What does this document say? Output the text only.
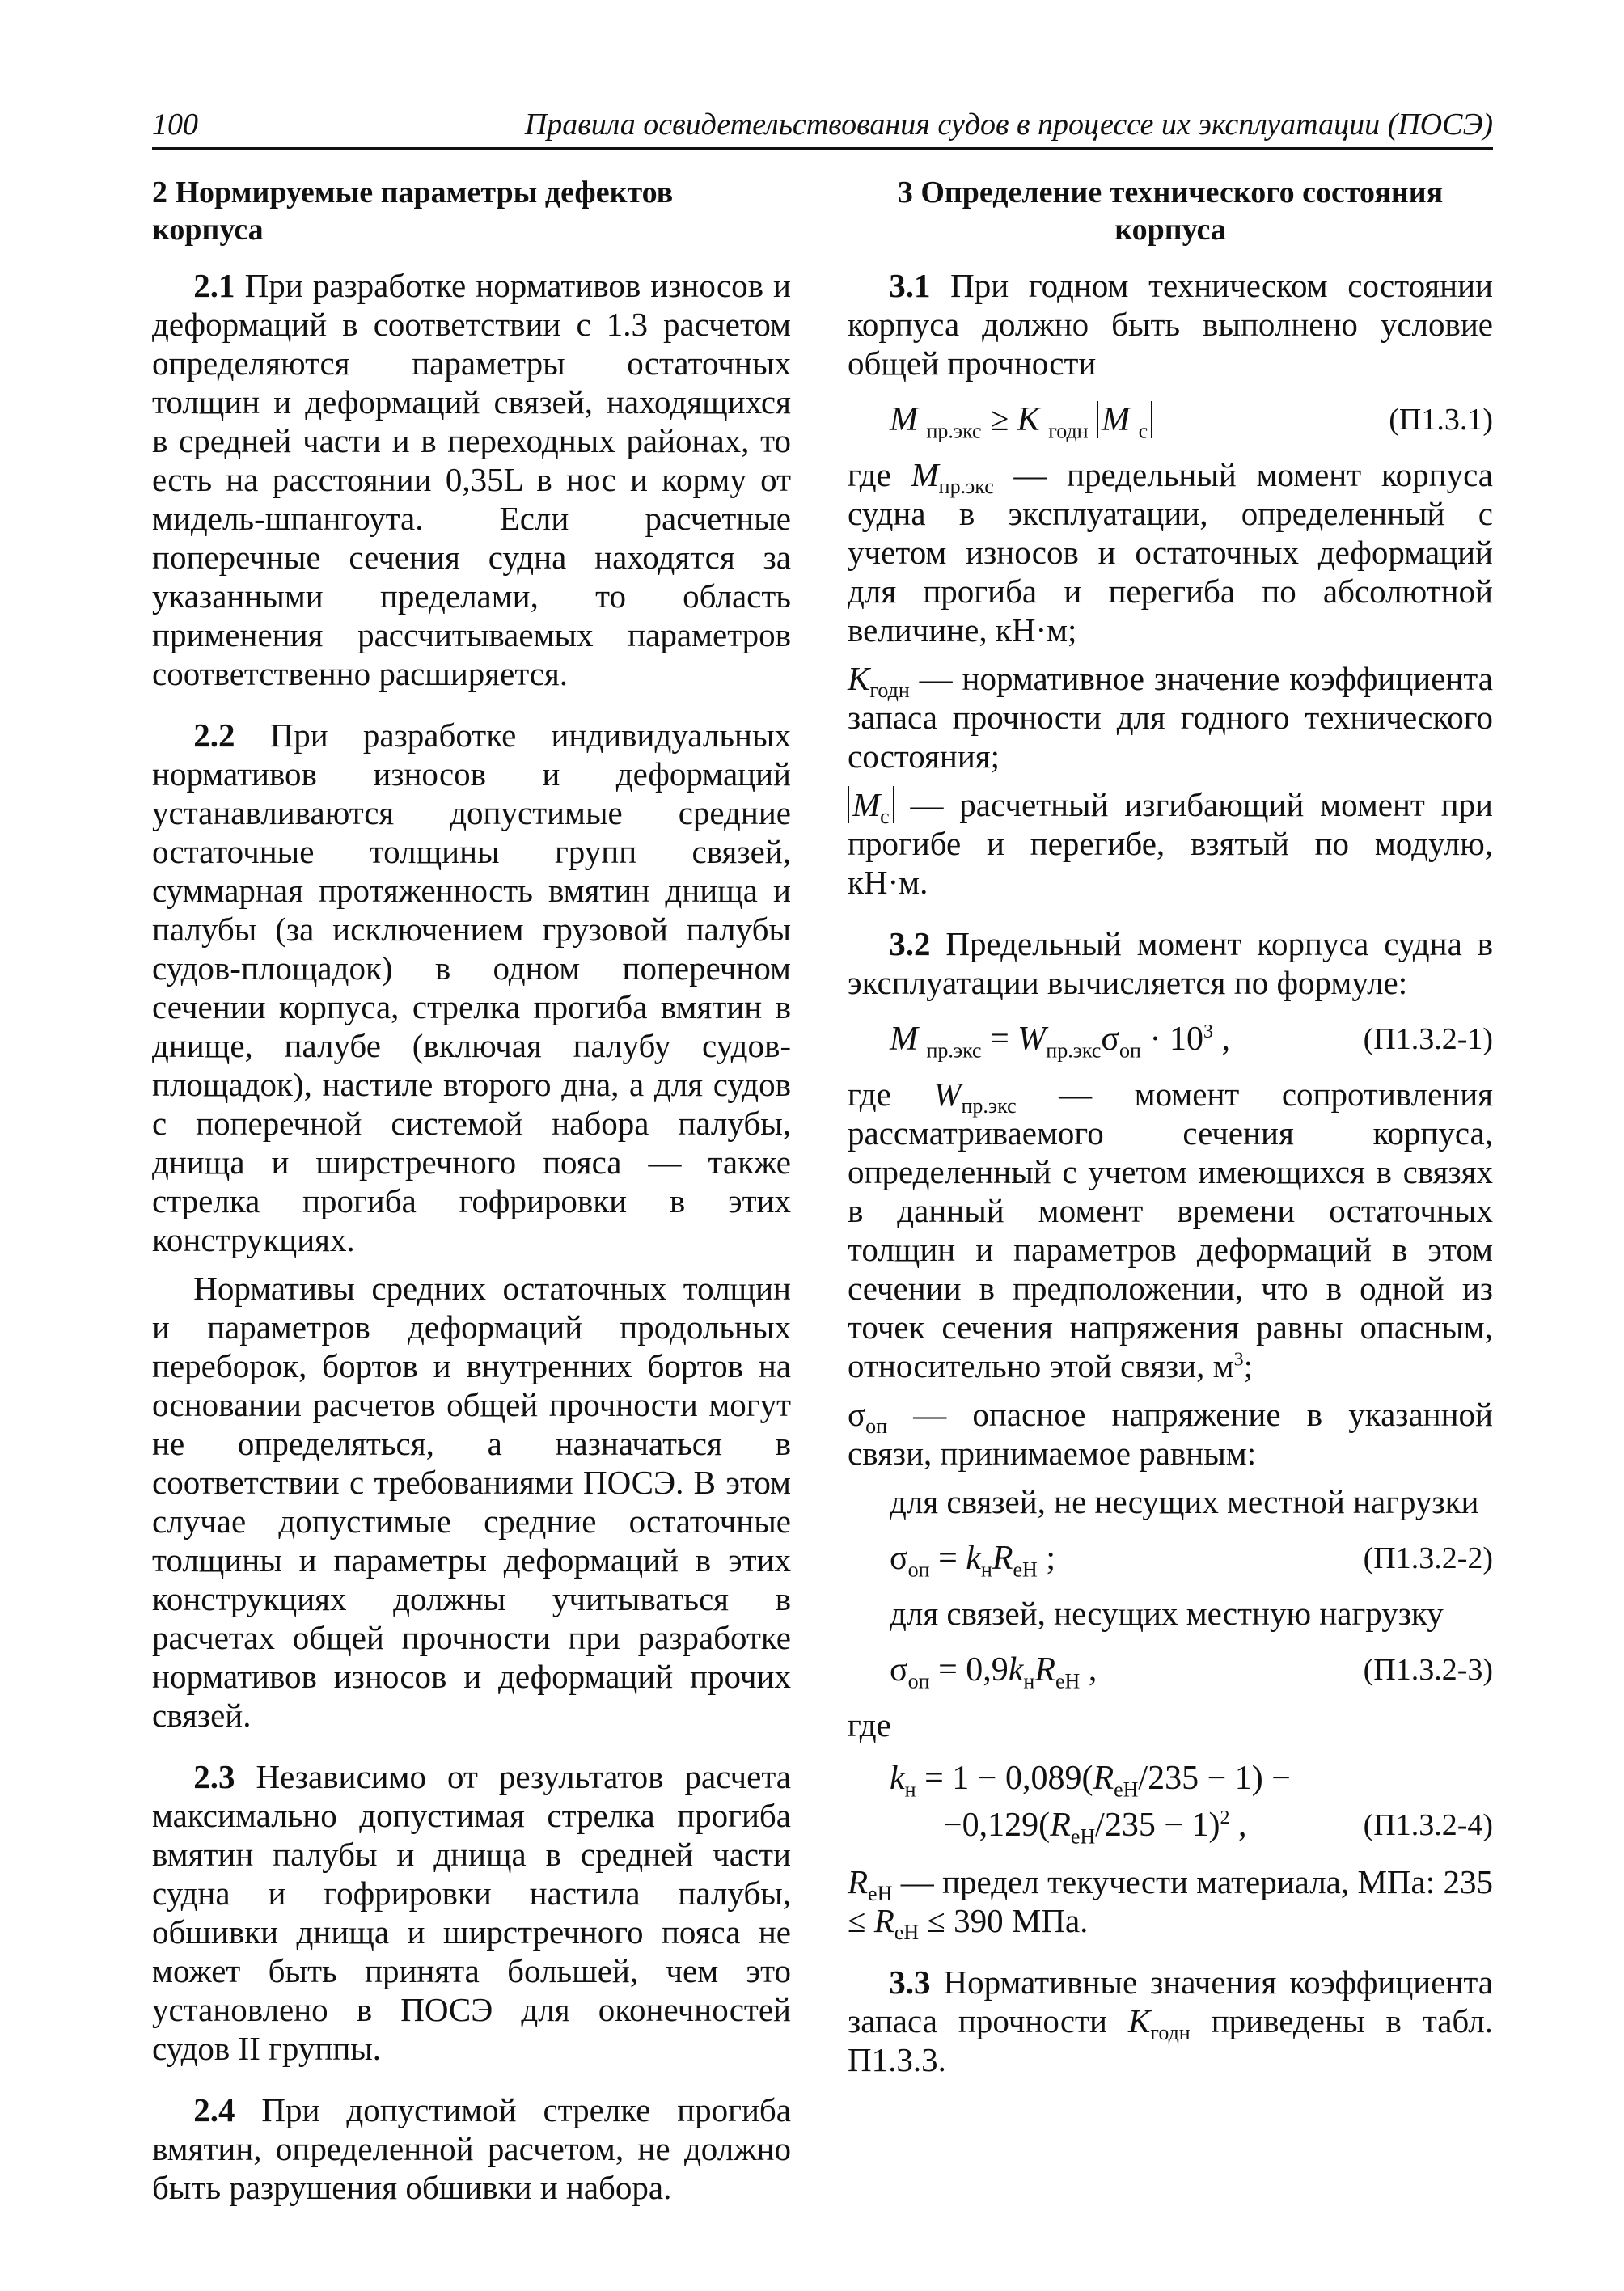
100	Правила освидетельствования судов в процессе их эксплуатации (ПОСЭ)
2 Нормируемые параметры дефектов корпуса

2.1 При разработке нормативов износов и деформаций в соответствии с 1.3 расчетом определяются параметры остаточных толщин и деформаций связей, находящихся в средней части и в переходных районах, то есть на расстоянии 0,35L в нос и корму от мидель-шпангоута. Если расчетные поперечные сечения судна находятся за указанными пределами, то область применения рассчитываемых параметров соответственно расширяется.

2.2 При разработке индивидуальных нормативов износов и деформаций устанавливаются допустимые средние остаточные толщины групп связей, суммарная протяженность вмятин днища и палубы (за исключением грузовой палубы судов-площадок) в одном поперечном сечении корпуса, стрелка прогиба вмятин в днище, палубе (включая палубу судов-площадок), настиле второго дна, а для судов с поперечной системой набора палубы, днища и ширстречного пояса — также стрелка прогиба гофрировки в этих конструкциях.

Нормативы средних остаточных толщин и параметров деформаций продольных переборок, бортов и внутренних бортов на основании расчетов общей прочности могут не определяться, а назначаться в соответствии с требованиями ПОСЭ. В этом случае допустимые средние остаточные толщины и параметры деформаций в этих конструкциях должны учитываться в расчетах общей прочности при разработке нормативов износов и деформаций прочих связей.

2.3 Независимо от результатов расчета максимально допустимая стрелка прогиба вмятин палубы и днища в средней части судна и гофрировки настила палубы, обшивки днища и ширстречного пояса не может быть принята большей, чем это установлено в ПОСЭ для оконечностей судов II группы.

2.4 При допустимой стрелке прогиба вмятин, определенной расчетом, не должно быть разрушения обшивки и набора.

3 Определение технического состояния корпуса

3.1 При годном техническом состоянии корпуса должно быть выполнено условие общей прочности

M $_{пр.экс}$ ≥ K $_{годн}$ M $_с$	(П1.3.1)

где $M_{пр.экс}$ — предельный момент корпуса судна в эксплуатации, определенный с учетом износов и остаточных деформаций для прогиба и перегиба по абсолютной величине, кН·м;

$K_{годн}$ — нормативное значение коэффициента запаса прочности для годного технического состояния;

$M_с$ — расчетный изгибающий момент при прогибе и перегибе, взятый по модулю, кН·м.

3.2 Предельный момент корпуса судна в эксплуатации вычисляется по формуле:

M $_{пр.экс} = W_{пр.экс}\sigma_{оп} \cdot 10^3$ ,	(П1.3.2-1)

где $W_{пр.экс}$ — момент сопротивления рассматриваемого сечения корпуса, определенный с учетом имеющихся в связях в данный момент времени остаточных толщин и параметров деформаций в этом сечении в предположении, что в одной из точек сечения напряжения равны опасным, относительно этой связи, $м^3$;

$\sigma_{оп}$ — опасное напряжение в указанной связи, принимаемое равным:

для связей, не несущих местной нагрузки

$\sigma_{оп} = k_нR_{eH}$ ;	(П1.3.2-2)

для связей, несущих местную нагрузку

$\sigma_{оп} = 0,9k_нR_{eH}$ ,	(П1.3.2-3)

где

$k_н = 1 - 0,089(R_{eH}/235 - 1)$ −
$-0,129(R_{eH}/235 - 1)^2$ ,	(П1.3.2-4)

$R_{eH}$ — предел текучести материала, МПа: $235 \le R_{eH} \le 390$ МПа.

3.3 Нормативные значения коэффициента запаса прочности $K_{годн}$ приведены в табл. П1.3.3.
